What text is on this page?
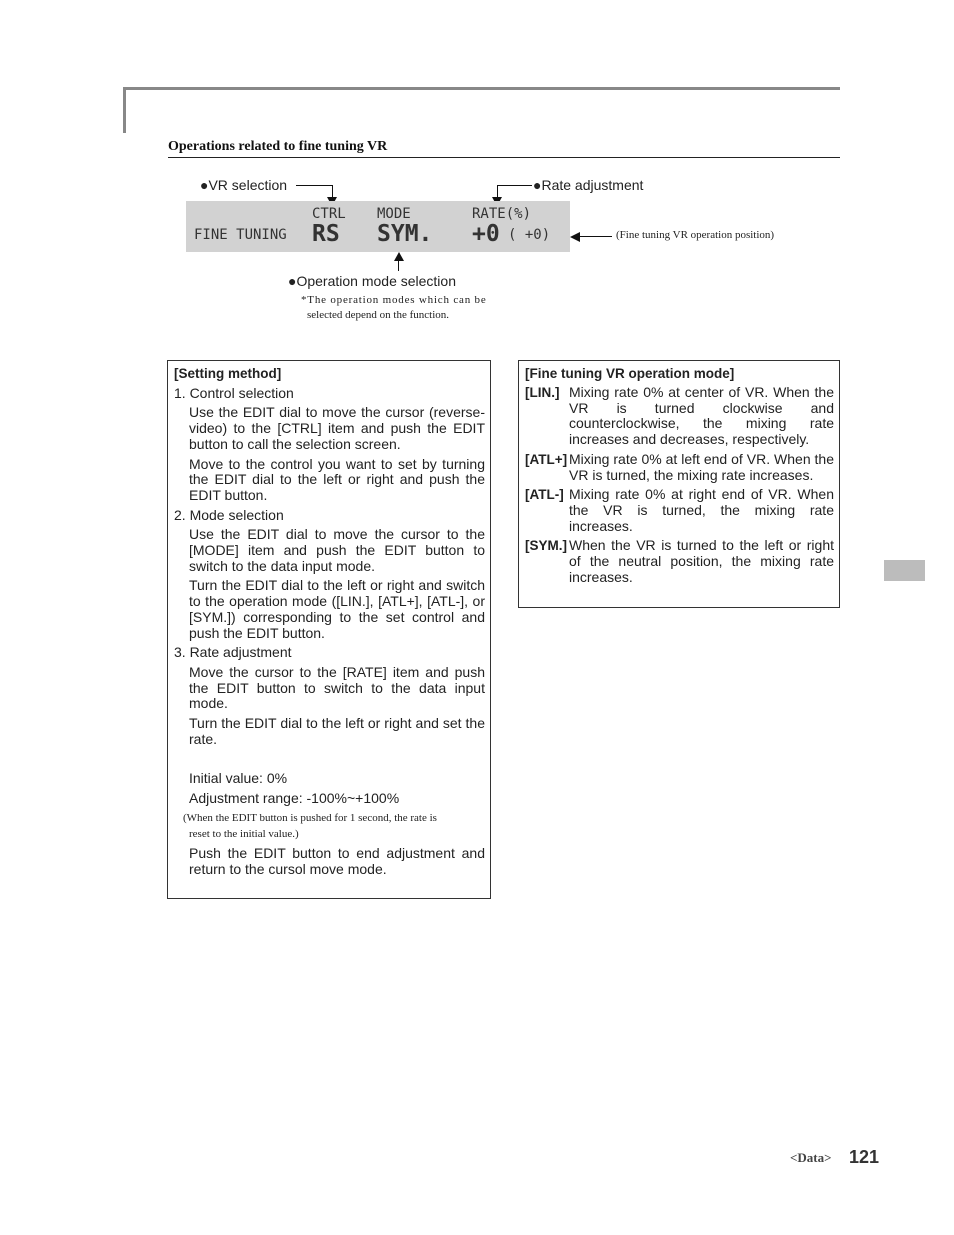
Operations related to fine tuning VR
●VR selection	●Rate adjustment
CTRL MODE	RATE(%)
FINE TUNING RS SYM. +0 ( +0)	(Fine tuning VR operation position)
●Operation mode selection
*The operation modes which can be
selected depend on the function.

[Setting method]

1. Control selection

Use the EDIT dial to move the cursor (reverse-video) to the [CTRL] item and push the EDIT button to call the selection screen.

Move to the control you want to set by turning the EDIT dial to the left or right and push the EDIT button.

2. Mode selection

Use the EDIT dial to move the cursor to the [MODE] item and push the EDIT button to switch to the data input mode.

Turn the EDIT dial to the left or right and switch to the operation mode ([LIN.], [ATL+], [ATL-], or [SYM.]) corresponding to the set control and push the EDIT button.

3. Rate adjustment

Move the cursor to the [RATE] item and push the EDIT button to switch to the data input mode.

Turn the EDIT dial to the left or right and set the rate.

Initial value: 0%

Adjustment range: -100%~+100%

(When the EDIT button is pushed for 1 second, the rate is

reset to the initial value.)

Push the EDIT button to end adjustment and return to the cursol move mode.

[Fine tuning VR operation mode]
[LIN.] Mixing rate 0% at center of VR. When the VR is turned clockwise and counterclockwise, the mixing rate increases and decreases, respectively.
[ATL+] Mixing rate 0% at left end of VR. When the VR is turned, the mixing rate increases.
[ATL-] Mixing rate 0% at right end of VR. When the VR is turned, the mixing rate increases.
[SYM.] When the VR is turned to the left or right of the neutral position, the mixing rate increases.
<Data> 121
